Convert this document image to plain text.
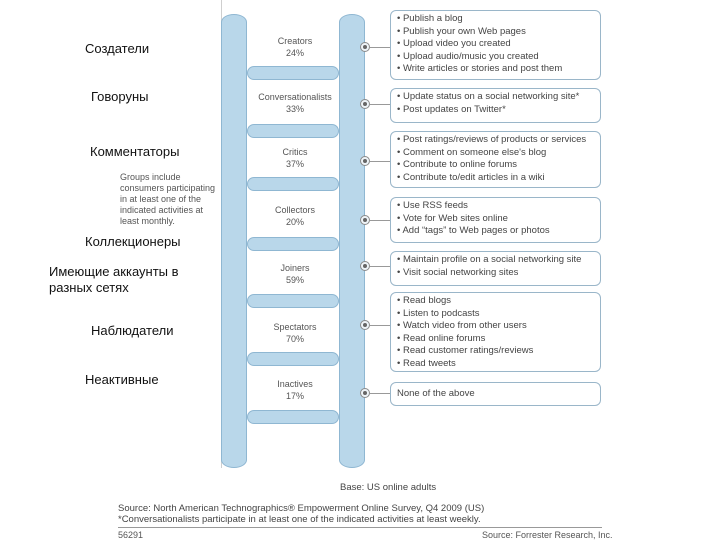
Creators
24%
Conversationalists
33%
Critics
37%
Collectors
20%
Joiners
59%
Spectators
70%
Inactives
17%
• Publish a blog
• Publish your own Web pages
• Upload video you created
• Upload audio/music you created
• Write articles or stories and post them
• Update status on a social networking site*
• Post updates on Twitter*
• Post ratings/reviews of products or services
• Comment on someone else's blog
• Contribute to online forums
• Contribute to/edit articles in a wiki
• Use RSS feeds
• Vote for Web sites online
• Add “tags” to Web pages or photos
• Maintain profile on a social networking site
• Visit social networking sites
• Read blogs
• Listen to podcasts
• Watch video from other users
• Read online forums
• Read customer ratings/reviews
• Read tweets
None of the above
Создатели
Говоруны
Комментаторы
Коллекционеры
Имеющие аккаунты в разных сетях
Наблюдатели
Неактивные
Groups include consumers participating in at least one of the indicated activities at least monthly.
Base: US online adults
Source: North American Technographics® Empowerment Online Survey, Q4 2009 (US)
*Conversationalists participate in at least one of the indicated activities at least weekly.
56291	Source: Forrester Research, Inc.
